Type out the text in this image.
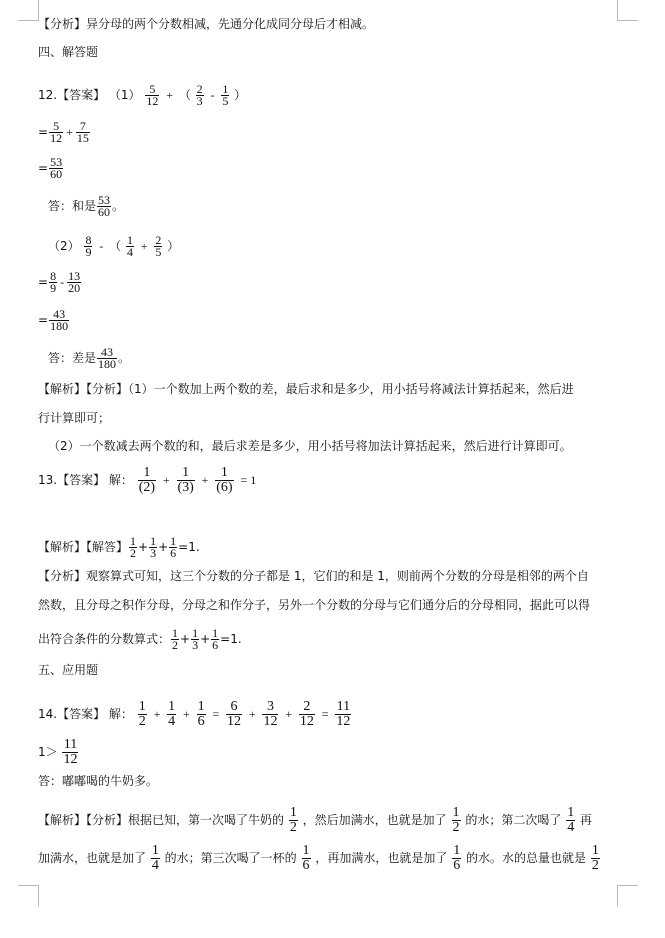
【分析】异分母的两个分数相减，先通分化成同分母后才相减。
四、解答题
12.【答案】 $(1) \frac{5}{12}$ + （ $\frac{2}{3} - \frac{1}{5}$ ）
= $\frac{5}{12} + \frac{7}{15}$
= $\frac{53}{60}$
答：和是 $\frac{53}{60}$ 。
$(2) \frac{8}{9}$ - （ $\frac{1}{4} + \frac{2}{5}$ ）
= $\frac{8}{9} - \frac{13}{20}$
= $\frac{43}{180}$
答：差是 $\frac{43}{180}$ 。
【解析】【分析】（1）一个数加上两个数的差，最后求和是多少，用小括号将减法计算括起来，然后进
行计算即可；
（2）一个数减去两个数的和，最后求差是多少，用小括号将加法计算括起来，然后进行计算即可。
13.【答案】 解： $\frac{1}{(2)} + \frac{1}{(3)} + \frac{1}{(6)} = 1$
【解析】【解答】 $\frac{1}{2} + \frac{1}{3} + \frac{1}{6} =1$.
【分析】观察算式可知，这三个分数的分子都是 1，它们的和是 1，则前两个分数的分母是相邻的两个自
然数，且分母之积作分母，分母之和作分子，另外一个分数的分母与它们通分后的分母相同，据此可以得
出符合条件的分数算式： $\frac{1}{2} + \frac{1}{3} + \frac{1}{6} =1$.
五、应用题
14.【答案】 解： $\frac{1}{2} + \frac{1}{4} + \frac{1}{6} = \frac{6}{12} + \frac{3}{12} + \frac{2}{12} = \frac{11}{12}$
$1> \frac{11}{12}$
答：嘟嘟喝的牛奶多。
【解析】【分析】根据已知，第一次喝了牛奶的 $\frac{1}{2}$ ，然后加满水，也就是加了 $\frac{1}{2}$ 的水；第二次喝了 $\frac{1}{4}$ 再
加满水，也就是加了 $\frac{1}{4}$ 的水；第三次喝了一杯的 $\frac{1}{6}$ ，再加满水，也就是加了 $\frac{1}{6}$ 的水。水的总量也就是 $\frac{1}{2}$
